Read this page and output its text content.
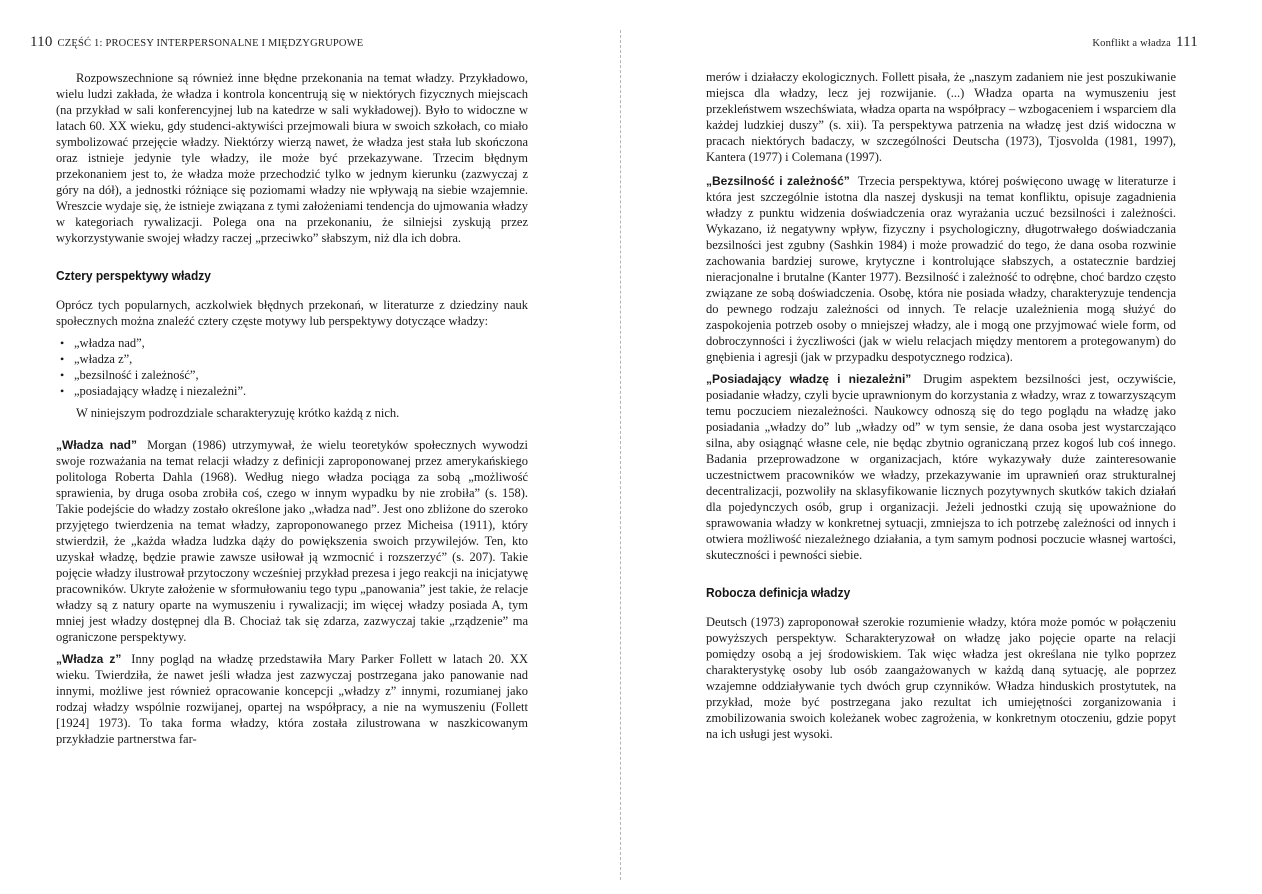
110 CZĘŚĆ 1: PROCESY INTERPERSONALNE I MIĘDZYGRUPOWE

Rozpowszechnione są również inne błędne przekonania na temat władzy. Przykładowo, wielu ludzi zakłada, że władza i kontrola koncentrują się w niektórych fizycznych miejscach (na przykład w sali konferencyjnej lub na katedrze w sali wykładowej). Było to widoczne w latach 60. XX wieku, gdy studenci-aktywiści przejmowali biura w swoich szkołach, co miało symbolizować przejęcie władzy. Niektórzy wierzą nawet, że władza jest stała lub skończona oraz istnieje jedynie tyle władzy, ile może być przekazywane. Trzecim błędnym przekonaniem jest to, że władza może przechodzić tylko w jednym kierunku (zazwyczaj z góry na dół), a jednostki różniące się poziomami władzy nie wpływają na siebie wzajemnie. Wreszcie wydaje się, że istnieje związana z tymi założeniami tendencja do ujmowania władzy w kategoriach rywalizacji. Polega ona na przekonaniu, że silniejsi zyskują przez wykorzystywanie swojej władzy raczej „przeciwko” słabszym, niż dla ich dobra.

Cztery perspektywy władzy

Oprócz tych popularnych, aczkolwiek błędnych przekonań, w literaturze z dziedziny nauk społecznych można znaleźć cztery częste motywy lub perspektywy dotyczące władzy:

• „władza nad”,
• „władza z”,
• „bezsilność i zależność”,
• „posiadający władzę i niezależni”.

W niniejszym podrozdziale scharakteryzuję krótko każdą z nich.

„Władza nad” Morgan (1986) utrzymywał, że wielu teoretyków społecznych wywodzi swoje rozważania na temat relacji władzy z definicji zaproponowanej przez amerykańskiego politologa Roberta Dahla (1968). Według niego władza pociąga za sobą „możliwość sprawienia, by druga osoba zrobiła coś, czego w innym wypadku by nie zrobiła” (s. 158). Takie podejście do władzy zostało określone jako „władza nad”. Jest ono zbliżone do szeroko przyjętego twierdzenia na temat władzy, zaproponowanego przez Micheisa (1911), który stwierdził, że „każda władza ludzka dąży do powiększenia swoich przywilejów. Ten, kto uzyskał władzę, będzie prawie zawsze usiłował ją wzmocnić i rozszerzyć” (s. 207). Takie pojęcie władzy ilustrował przytoczony wcześniej przykład prezesa i jego reakcji na inicjatywę pracowników. Ukryte założenie w sformułowaniu tego typu „panowania” jest takie, że relacje władzy są z natury oparte na wymuszeniu i rywalizacji; im więcej władzy posiada A, tym mniej jest władzy dostępnej dla B. Chociaż tak się zdarza, zazwyczaj takie „rządzenie” ma ograniczone perspektywy.

„Władza z” Inny pogląd na władzę przedstawiła Mary Parker Follett w latach 20. XX wieku. Twierdziła, że nawet jeśli władza jest zazwyczaj postrzegana jako panowanie nad innymi, możliwe jest również opracowanie koncepcji „władzy z” innymi, rozumianej jako rodzaj władzy wspólnie rozwijanej, opartej na współpracy, a nie na wymuszeniu (Follett [1924] 1973). To taka forma władzy, która została zilustrowana w naszkicowanym przykładzie partnerstwa far-

Konflikt a władza 111

merów i działaczy ekologicznych. Follett pisała, że „naszym zadaniem nie jest poszukiwanie miejsca dla władzy, lecz jej rozwijanie. (...) Władza oparta na wymuszeniu jest przekleństwem wszechświata, władza oparta na współpracy – wzbogaceniem i wsparciem dla każdej ludzkiej duszy” (s. xii). Ta perspektywa patrzenia na władzę jest dziś widoczna w pracach niektórych badaczy, w szczególności Deutscha (1973), Tjosvolda (1981, 1997), Kantera (1977) i Colemana (1997).

„Bezsilność i zależność” Trzecia perspektywa, której poświęcono uwagę w literaturze i która jest szczególnie istotna dla naszej dyskusji na temat konfliktu, opisuje zagadnienia władzy z punktu widzenia doświadczenia oraz wyrażania uczuć bezsilności i zależności. Wykazano, iż negatywny wpływ, fizyczny i psychologiczny, długotrwałego doświadczania bezsilności jest zgubny (Sashkin 1984) i może prowadzić do tego, że dana osoba rozwinie zachowania bardziej surowe, krytyczne i kontrolujące słabszych, a ostatecznie bardziej nieracjonalne i brutalne (Kanter 1977). Bezsilność i zależność to odrębne, choć bardzo często związane ze sobą doświadczenia. Osobę, która nie posiada władzy, charakteryzuje tendencja do pewnego rodzaju zależności od innych. Te relacje uzależnienia mogą służyć do zaspokojenia potrzeb osoby o mniejszej władzy, ale i mogą one przyjmować wiele form, od dobroczynności i życzliwości (jak w wielu relacjach między mentorem a protegowanym) do gnębienia i agresji (jak w przypadku despotycznego rodzica).

„Posiadający władzę i niezależni” Drugim aspektem bezsilności jest, oczywiście, posiadanie władzy, czyli bycie uprawnionym do korzystania z władzy, wraz z towarzyszącym temu poczuciem niezależności. Naukowcy odnoszą się do tego poglądu na władzę jako posiadania „władzy do” lub „władzy od” w tym sensie, że dana osoba jest wystarczająco silna, aby osiągnąć własne cele, nie będąc zbytnio ograniczaną przez kogoś lub coś innego. Badania przeprowadzone w organizacjach, które wykazywały duże zainteresowanie uczestnictwem pracowników we władzy, przekazywanie im uprawnień oraz strukturalnej decentralizacji, pozwoliły na sklasyfikowanie licznych pozytywnych skutków takich działań dla pojedynczych osób, grup i organizacji. Jeżeli jednostki czują się upoważnione do sprawowania władzy w konkretnej sytuacji, zmniejsza to ich potrzebę zależności od innych i otwiera możliwość niezależnego działania, a tym samym podnosi poczucie własnej wartości, skuteczności i pewności siebie.

Robocza definicja władzy

Deutsch (1973) zaproponował szerokie rozumienie władzy, która może pomóc w połączeniu powyższych perspektyw. Scharakteryzował on władzę jako pojęcie oparte na relacji pomiędzy osobą a jej środowiskiem. Tak więc władza jest określana nie tylko poprzez charakterystykę osoby lub osób zaangażowanych w każdą daną sytuację, ale poprzez wzajemne oddziaływanie tych dwóch grup czynników. Władza hinduskich prostytutek, na przykład, może być postrzegana jako rezultat ich umiejętności zorganizowania i zmobilizowania swoich koleżanek wobec zagrożenia, w konkretnym otoczeniu, gdzie popyt na ich usługi jest wysoki.
